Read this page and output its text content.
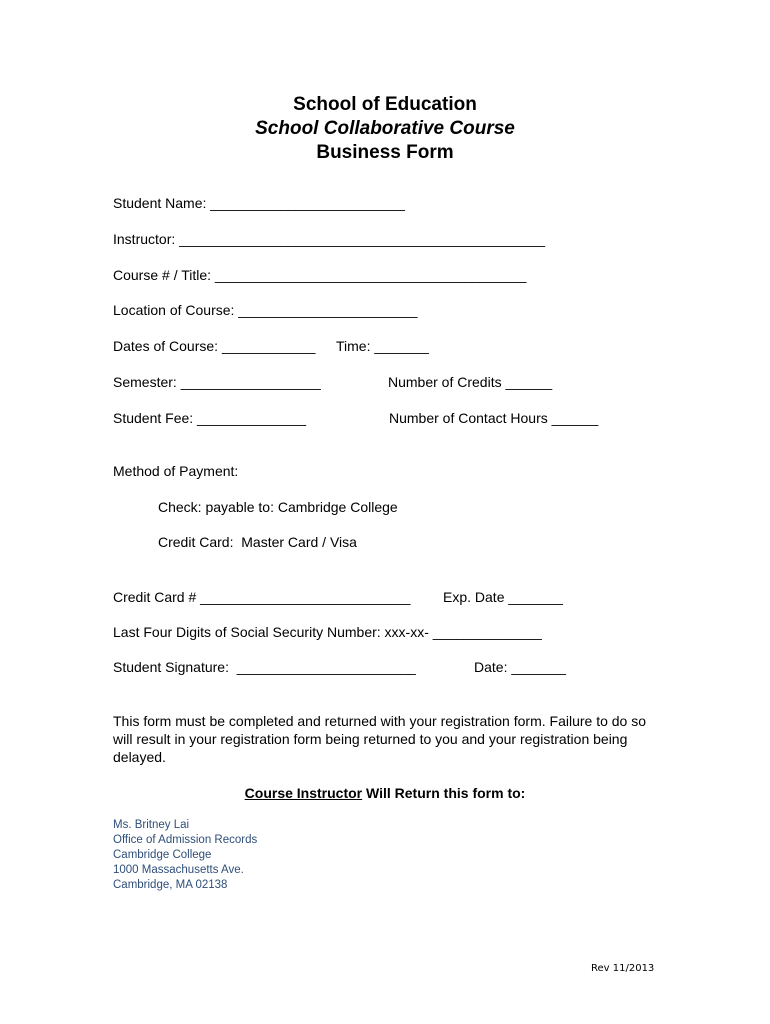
School of Education
School Collaborative Course
Business Form
Student Name: _________________________
Instructor: _______________________________________________
Course # / Title: ________________________________________
Location of Course: _______________________
Dates of Course: ____________ Time: _______
Semester: __________________	Number of Credits ______
Student Fee: ______________	Number of Contact Hours ______
Method of Payment:
Check: payable to: Cambridge College
Credit Card:  Master Card / Visa
Credit Card # ___________________________ Exp. Date _______
Last Four Digits of Social Security Number: xxx-xx- ______________
Student Signature:  _______________________	Date: _______
This form must be completed and returned with your registration form. Failure to do so will result in your registration form being returned to you and your registration being delayed.
Course Instructor Will Return this form to:
Ms. Britney Lai
Office of Admission Records
Cambridge College
1000 Massachusetts Ave.
Cambridge, MA 02138
Rev 11/2013
